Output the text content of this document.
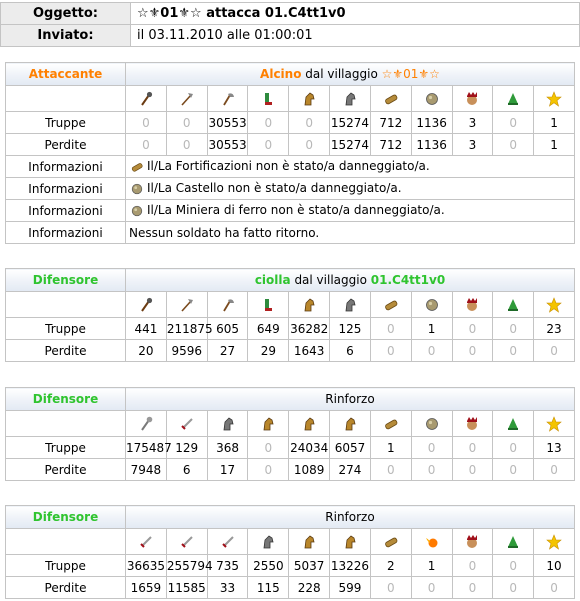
Oggetto:	☆⚜01⚜☆ attacca 01.C4tt1v0
Inviato:	il 03.11.2010 alle 01:00:01
Attaccante	Alcino dal villaggio ☆⚜01⚜☆										

Truppe	0	0	30553	0	0	15274	712	1136	3	0	1
Perdite	0	0	30553	0	0	15274	712	1136	3	0	1
Informazioni	Il/La Fortificazioni non è stato/a danneggiato/a.										
Informazioni	Il/La Castello non è stato/a danneggiato/a.										
Informazioni	Il/La Miniera di ferro non è stato/a danneggiato/a.										
Informazioni	Nessun soldato ha fatto ritorno.										
Difensore	ciolla dal villaggio 01.C4tt1v0										

Truppe	441	211875	605	649	36282	125	0	1	0	0	23
Perdite	20	9596	27	29	1643	6	0	0	0	0	0
Difensore	Rinforzo										

Truppe	175487	129	368	0	24034	6057	1	0	0	0	13
Perdite	7948	6	17	0	1089	274	0	0	0	0	0
Difensore	Rinforzo										

Truppe	36635	255794	735	2550	5037	13226	2	1	0	0	10
Perdite	1659	11585	33	115	228	599	0	0	0	0	0
